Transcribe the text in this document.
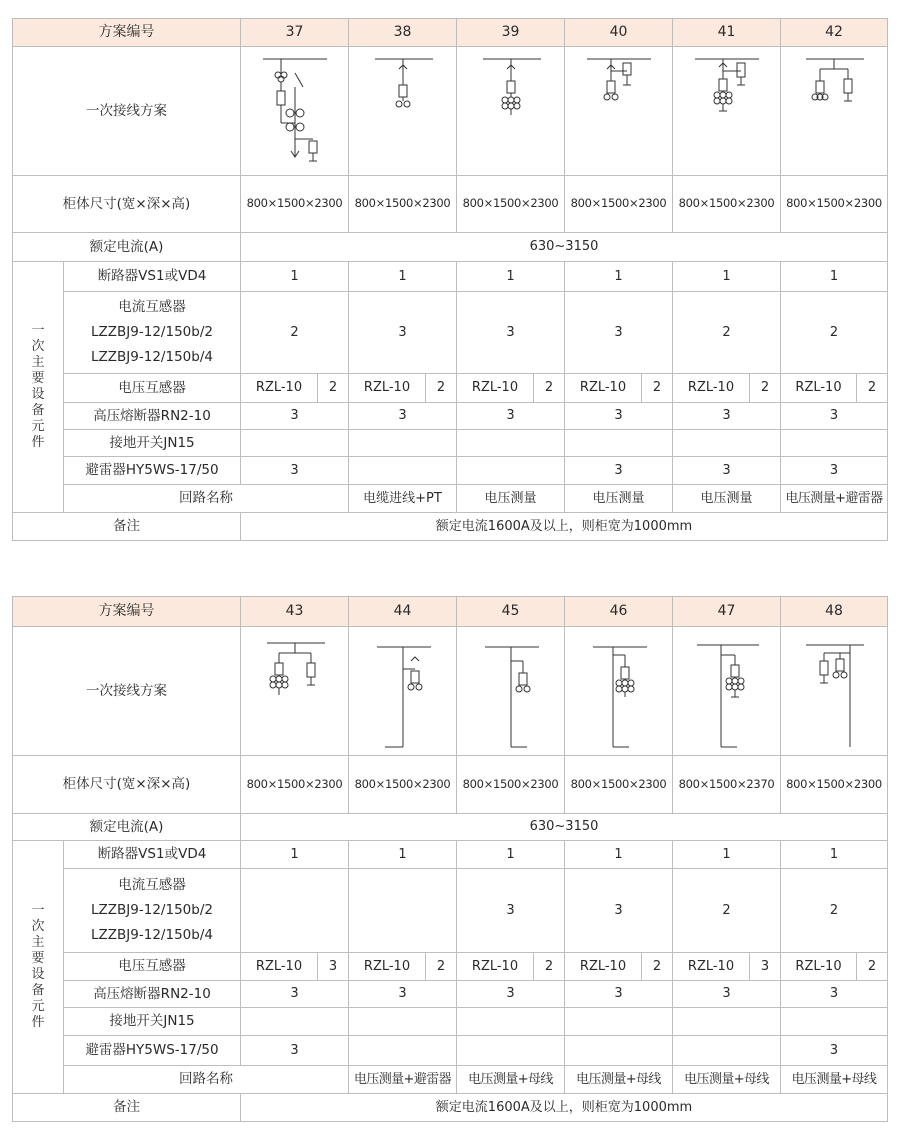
方案编号		37	38	39	40	41	42	
一次接线方案	

柜体尺寸(宽×深×高)		800×1500×2300	800×1500×2300	800×1500×2300	800×1500×2300	800×1500×2300	800×1500×2300	
额定电流(A)		630~3150						
一次主要设备元件	断路器VS1或VD4	1	1	1	1	1	1	

	电流互感器
LZZBJ9-12/150b/2
LZZBJ9-12/150b/4	2	3	3	3	2	2	
	电压互感器	RZL-10 2	RZL-10 2	RZL-10 2	RZL-10 2	RZL-10 2	RZL-10 2	

	高压熔断器RN2-10	3	3	3	3	3	3	
	接地开关JN15							
	避雷器HY5WS-17/50	3			3	3	3	
	回路名称		电缆进线+PT	电压测量	电压测量	电压测量	电压测量+避雷器	
备注		额定电流1600A及以上，则柜宽为1000mm						
方案编号		43	44	45	46	47	48	
一次接线方案	

柜体尺寸(宽×深×高)		800×1500×2300	800×1500×2300	800×1500×2300	800×1500×2300	800×1500×2370	800×1500×2300	
额定电流(A)		630~3150						
一次主要设备元件	断路器VS1或VD4	1	1	1	1	1	1	

	电流互感器
LZZBJ9-12/150b/2
LZZBJ9-12/150b/4			3	3	2	2	
	电压互感器	RZL-10 3	RZL-10 2	RZL-10 2	RZL-10 2	RZL-10 3	RZL-10 2	

	高压熔断器RN2-10	3	3	3	3	3	3	
	接地开关JN15							
	避雷器HY5WS-17/50	3					3	
	回路名称		电压测量+避雷器	电压测量+母线	电压测量+母线	电压测量+母线	电压测量+母线	
备注		额定电流1600A及以上，则柜宽为1000mm						
